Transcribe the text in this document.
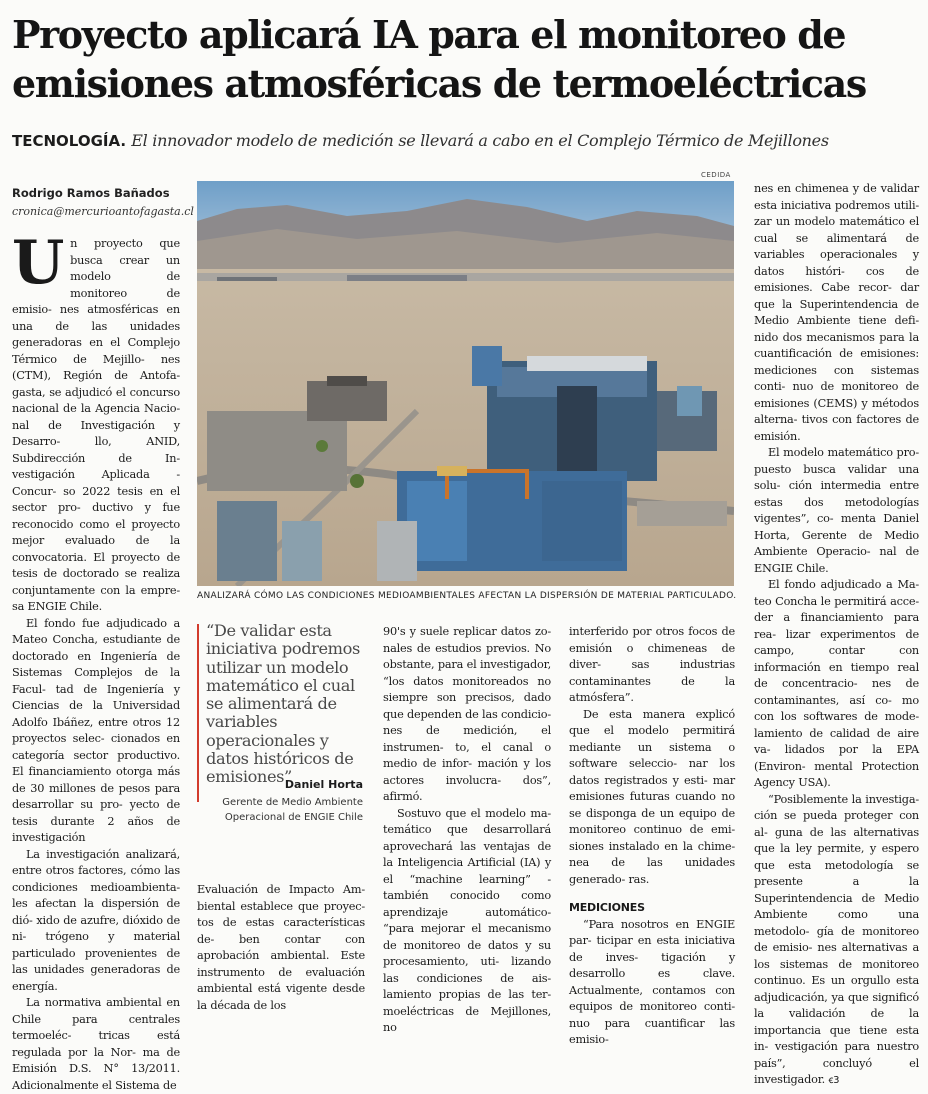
Proyecto aplicará IA para el monitoreo de emisiones atmosféricas de termoeléctricas
TECNOLOGÍA. El innovador modelo de medición se llevará a cabo en el Complejo Térmico de Mejillones
Rodrigo Ramos Bañados
cronica@mercurioantofagasta.cl

Un proyecto que busca crear un modelo de monitoreo de emisio- nes atmosféricas en una de las unidades generadoras en el Complejo Térmico de Mejillo- nes (CTM), Región de Antofa- gasta, se adjudicó el concurso nacional de la Agencia Nacio- nal de Investigación y Desarro- llo, ANID, Subdirección de In- vestigación Aplicada - Concur- so 2022 tesis en el sector pro- ductivo y fue reconocido como el proyecto mejor evaluado de la convocatoria. El proyecto de tesis de doctorado se realiza conjuntamente con la empre- sa ENGIE Chile.

El fondo fue adjudicado a Mateo Concha, estudiante de doctorado en Ingeniería de Sistemas Complejos de la Facul- tad de Ingeniería y Ciencias de la Universidad Adolfo Ibáñez, entre otros 12 proyectos selec- cionados en categoría sector productivo. El financiamiento otorga más de 30 millones de pesos para desarrollar su pro- yecto de tesis durante 2 años de investigación

La investigación analizará, entre otros factores, cómo las condiciones medioambienta- les afectan la dispersión de dió- xido de azufre, dióxido de ni- trógeno y material particulado provenientes de las unidades generadoras de energía.

La normativa ambiental en Chile para centrales termoeléc- tricas está regulada por la Nor- ma de Emisión D.S. N° 13/2011. Adicionalmente el Sistema de

CEDIDA
ANALIZARÁ CÓMO LAS CONDICIONES MEDIOAMBIENTALES AFECTAN LA DISPERSIÓN DE MATERIAL PARTICULADO.

“De validar esta iniciativa podremos utilizar un modelo matemático el cual se alimentará de variables operacionales y datos históricos de emisiones”

Daniel Horta
Gerente de Medio Ambiente Operacional de ENGIE Chile

Evaluación de Impacto Am- biental establece que proyec- tos de estas características de- ben contar con aprobación ambiental. Este instrumento de evaluación ambiental está vigente desde la década de los

90's y suele replicar datos zo- nales de estudios previos. No obstante, para el investigador, “los datos monitoreados no siempre son precisos, dado que dependen de las condicio- nes de medición, el instrumen- to, el canal o medio de infor- mación y los actores involucra- dos”, afirmó.

Sostuvo que el modelo ma- temático que desarrollará aprovechará las ventajas de la Inteligencia Artificial (IA) y el “machine learning” -también conocido como aprendizaje automático- “para mejorar el mecanismo de monitoreo de datos y su procesamiento, uti- lizando las condiciones de ais- lamiento propias de las ter- moeléctricas de Mejillones, no

interferido por otros focos de emisión o chimeneas de diver- sas industrias contaminantes de la atmósfera”.

De esta manera explicó que el modelo permitirá mediante un sistema o software seleccio- nar los datos registrados y esti- mar emisiones futuras cuando no se disponga de un equipo de monitoreo continuo de emi- siones instalado en la chime- nea de las unidades generado- ras.

MEDICIONES

“Para nosotros en ENGIE par- ticipar en esta iniciativa de inves- tigación y desarrollo es clave. Actualmente, contamos con equipos de monitoreo conti- nuo para cuantificar las emisio-

nes en chimenea y de validar esta iniciativa podremos utili- zar un modelo matemático el cual se alimentará de variables operacionales y datos históri- cos de emisiones. Cabe recor- dar que la Superintendencia de Medio Ambiente tiene defi- nido dos mecanismos para la cuantificación de emisiones: mediciones con sistemas conti- nuo de monitoreo de emisiones (CEMS) y métodos alterna- tivos con factores de emisión.

El modelo matemático pro- puesto busca validar una solu- ción intermedia entre estas dos metodologías vigentes”, co- menta Daniel Horta, Gerente de Medio Ambiente Operacio- nal de ENGIE Chile.

El fondo adjudicado a Ma- teo Concha le permitirá acce- der a financiamiento para rea- lizar experimentos de campo, contar con información en tiempo real de concentracio- nes de contaminantes, así co- mo con los softwares de mode- lamiento de calidad de aire va- lidados por la EPA (Environ- mental Protection Agency USA).

“Posiblemente la investiga- ción se pueda proteger con al- guna de las alternativas que la ley permite, y espero que esta metodología se presente a la Superintendencia de Medio Ambiente como una metodolo- gía de monitoreo de emisio- nes alternativas a los sistemas de monitoreo continuo. Es un orgullo esta adjudicación, ya que significó la validación de la importancia que tiene esta in- vestigación para nuestro país”, concluyó el investigador. ꞓ3
